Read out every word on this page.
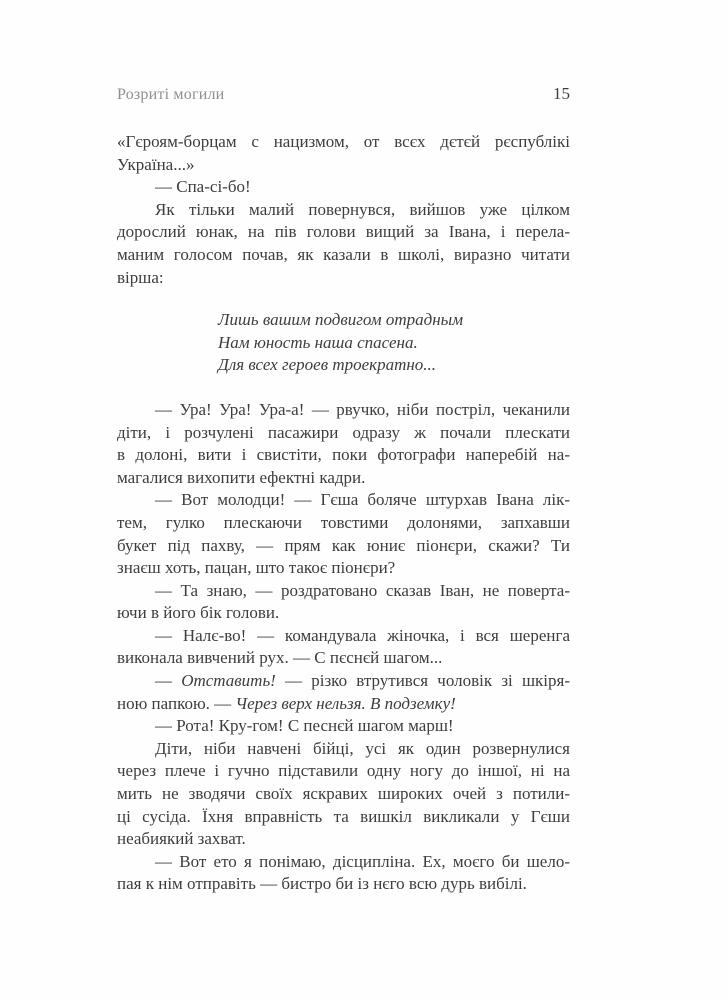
Розриті могили	15
«Гєроям-борцам с нацизмом, от всєх дєтєй рєспублікі
Україна...»
— Спа-сі-бо!
Як тільки малий повернувся, вийшов уже цілком
дорослий юнак, на пів голови вищий за Івана, і перела-
маним голосом почав, як казали в школі, виразно читати
вірша:
Лишь вашим подвигом отрадным
Нам юность наша спасена.
Для всех героев троекратно...
— Ура! Ура! Ура-а! — рвучко, ніби постріл, чеканили
діти, і розчулені пасажири одразу ж почали плескати
в долоні, вити і свистіти, поки фотографи наперебій на-
магалися вихопити ефектні кадри.
— Вот молодци! — Гєша боляче штурхав Івана лік-
тем, гулко плескаючи товстими долонями, запхавши
букет під пахву, — прям как юниє піонєри, скажи? Ти
знаєш хоть, пацан, што такоє піонєри?
— Та знаю, — роздратовано сказав Іван, не поверта-
ючи в його бік голови.
— Налє-во! — командувала жіночка, і вся шеренга
виконала вивчений рух. — С пєснєй шагом...
— Отставить! — різко втрутився чоловік зі шкіря-
ною папкою. — Через верх нельзя. В подземку!
— Рота! Кру-гом! С песнєй шагом марш!
Діти, ніби навчені бійці, усі як один розвернулися
через плече і гучно підставили одну ногу до іншої, ні на
мить не зводячи своїх яскравих широких очей з потили-
ці сусіда. Їхня вправність та вишкіл викликали у Гєши
неабиякий захват.
— Вот ето я понімаю, дісципліна. Ех, моєго би шело-
пая к нім отправіть — бистро би із нєго всю дурь вибілі.
